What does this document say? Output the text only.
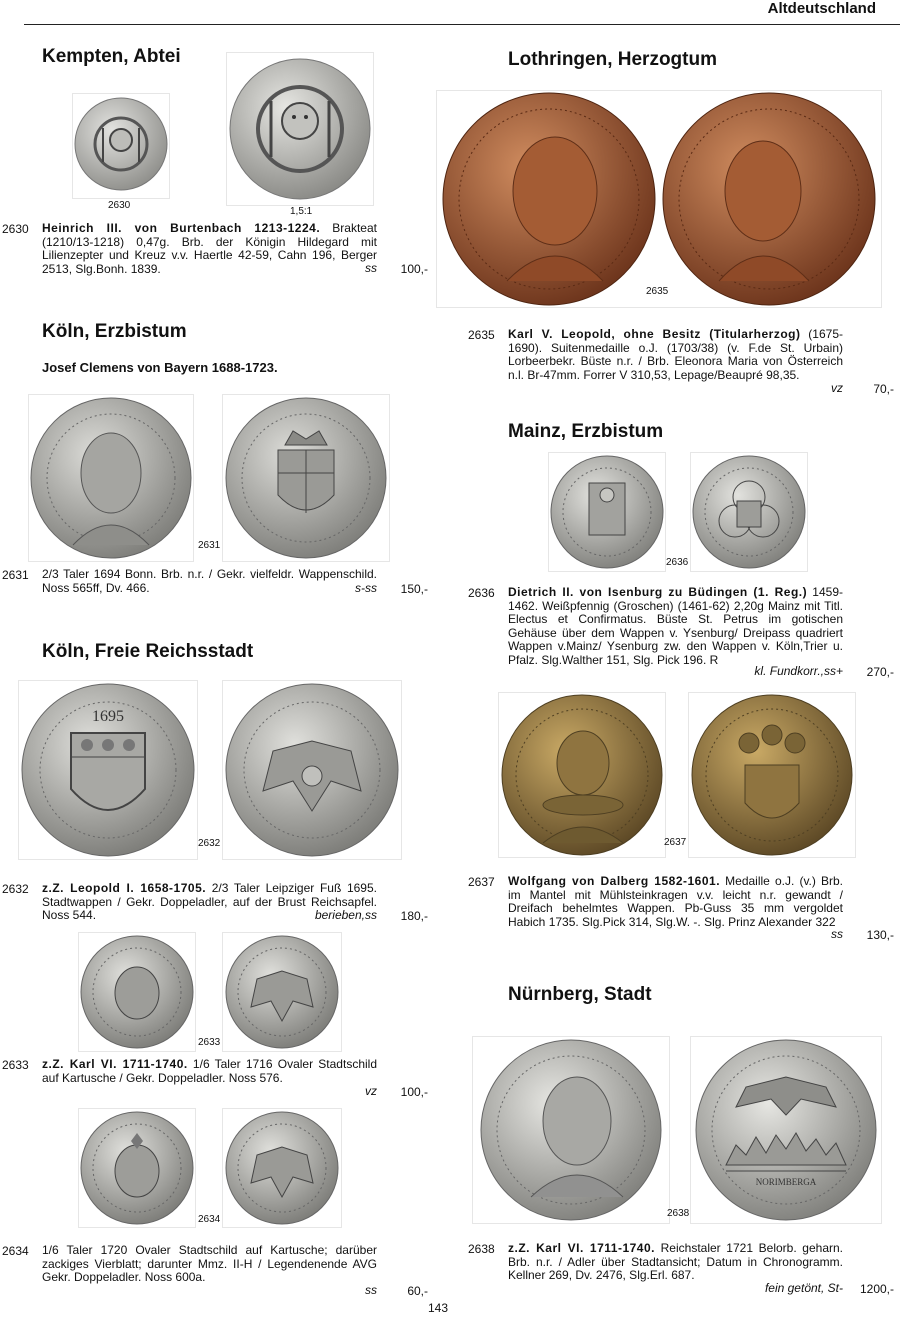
Altdeutschland
Kempten, Abtei
2630
1,5:1
2630 Heinrich III. von Burtenbach 1213-1224. Brakteat (1210/13-1218) 0,47g. Brb. der Königin Hildegard mit Lilienzepter und Kreuz v.v. Haertle 42-59, Cahn 196, Berger 2513, Slg.Bonh. 1839.	ss	100,-
Köln, Erzbistum
Josef Clemens von Bayern 1688-1723.
2631
2631 2/3 Taler 1694 Bonn. Brb. n.r. / Gekr. vielfeldr. Wappenschild. Noss 565ff, Dv. 466.	s-ss	150,-
Köln, Freie Reichsstadt
1695
2632
2632 z.Z. Leopold I. 1658-1705. 2/3 Taler Leipziger Fuß 1695. Stadtwappen / Gekr. Doppeladler, auf der Brust Reichsapfel. Noss 544.	berieben,ss	180,-
2633
2633 z.Z. Karl VI. 1711-1740. 1/6 Taler 1716 Ovaler Stadtschild auf Kartusche / Gekr. Doppeladler. Noss 576.
vz	100,-
2634
2634 1/6 Taler 1720 Ovaler Stadtschild auf Kartusche; darüber zackiges Vierblatt; darunter Mmz. II-H / Legendenende AVG Gekr. Doppeladler. Noss 600a.
ss	60,-
Lothringen, Herzogtum
2635
2635 Karl V. Leopold, ohne Besitz (Titularherzog) (1675-1690). Suitenmedaille o.J. (1703/38) (v. F.de St. Urbain) Lorbeerbekr. Büste n.r. / Brb. Eleonora Maria von Österreich n.l. Br-47mm. Forrer V 310,53, Lepage/Beaupré 98,35.
vz	70,-
Mainz, Erzbistum
2636
2636 Dietrich II. von Isenburg zu Büdingen (1. Reg.) 1459-1462. Weißpfennig (Groschen) (1461-62) 2,20g Mainz mit Titl. Electus et Confirmatus. Büste St. Petrus im gotischen Gehäuse über dem Wappen v. Ysenburg/ Dreipass quadriert Wappen v.Mainz/ Ysenburg zw. den Wappen v. Köln,Trier u. Pfalz. Slg.Walther 151, Slg. Pick 196. R
kl. Fundkorr.,ss+	270,-
2637
2637 Wolfgang von Dalberg 1582-1601. Medaille o.J. (v.) Brb. im Mantel mit Mühlsteinkragen v.v. leicht n.r. gewandt / Dreifach behelmtes Wappen. Pb-Guss 35 mm vergoldet Habich 1735. Slg.Pick 314, Slg.W. -. Slg. Prinz Alexander 322
ss	130,-
Nürnberg, Stadt
NORIMBERGA
2638
2638 z.Z. Karl VI. 1711-1740. Reichstaler 1721 Belorb. geharn. Brb. n.r. / Adler über Stadtansicht; Datum in Chronogramm. Kellner 269, Dv. 2476, Slg.Erl. 687.
fein getönt, St-	1200,-
143
